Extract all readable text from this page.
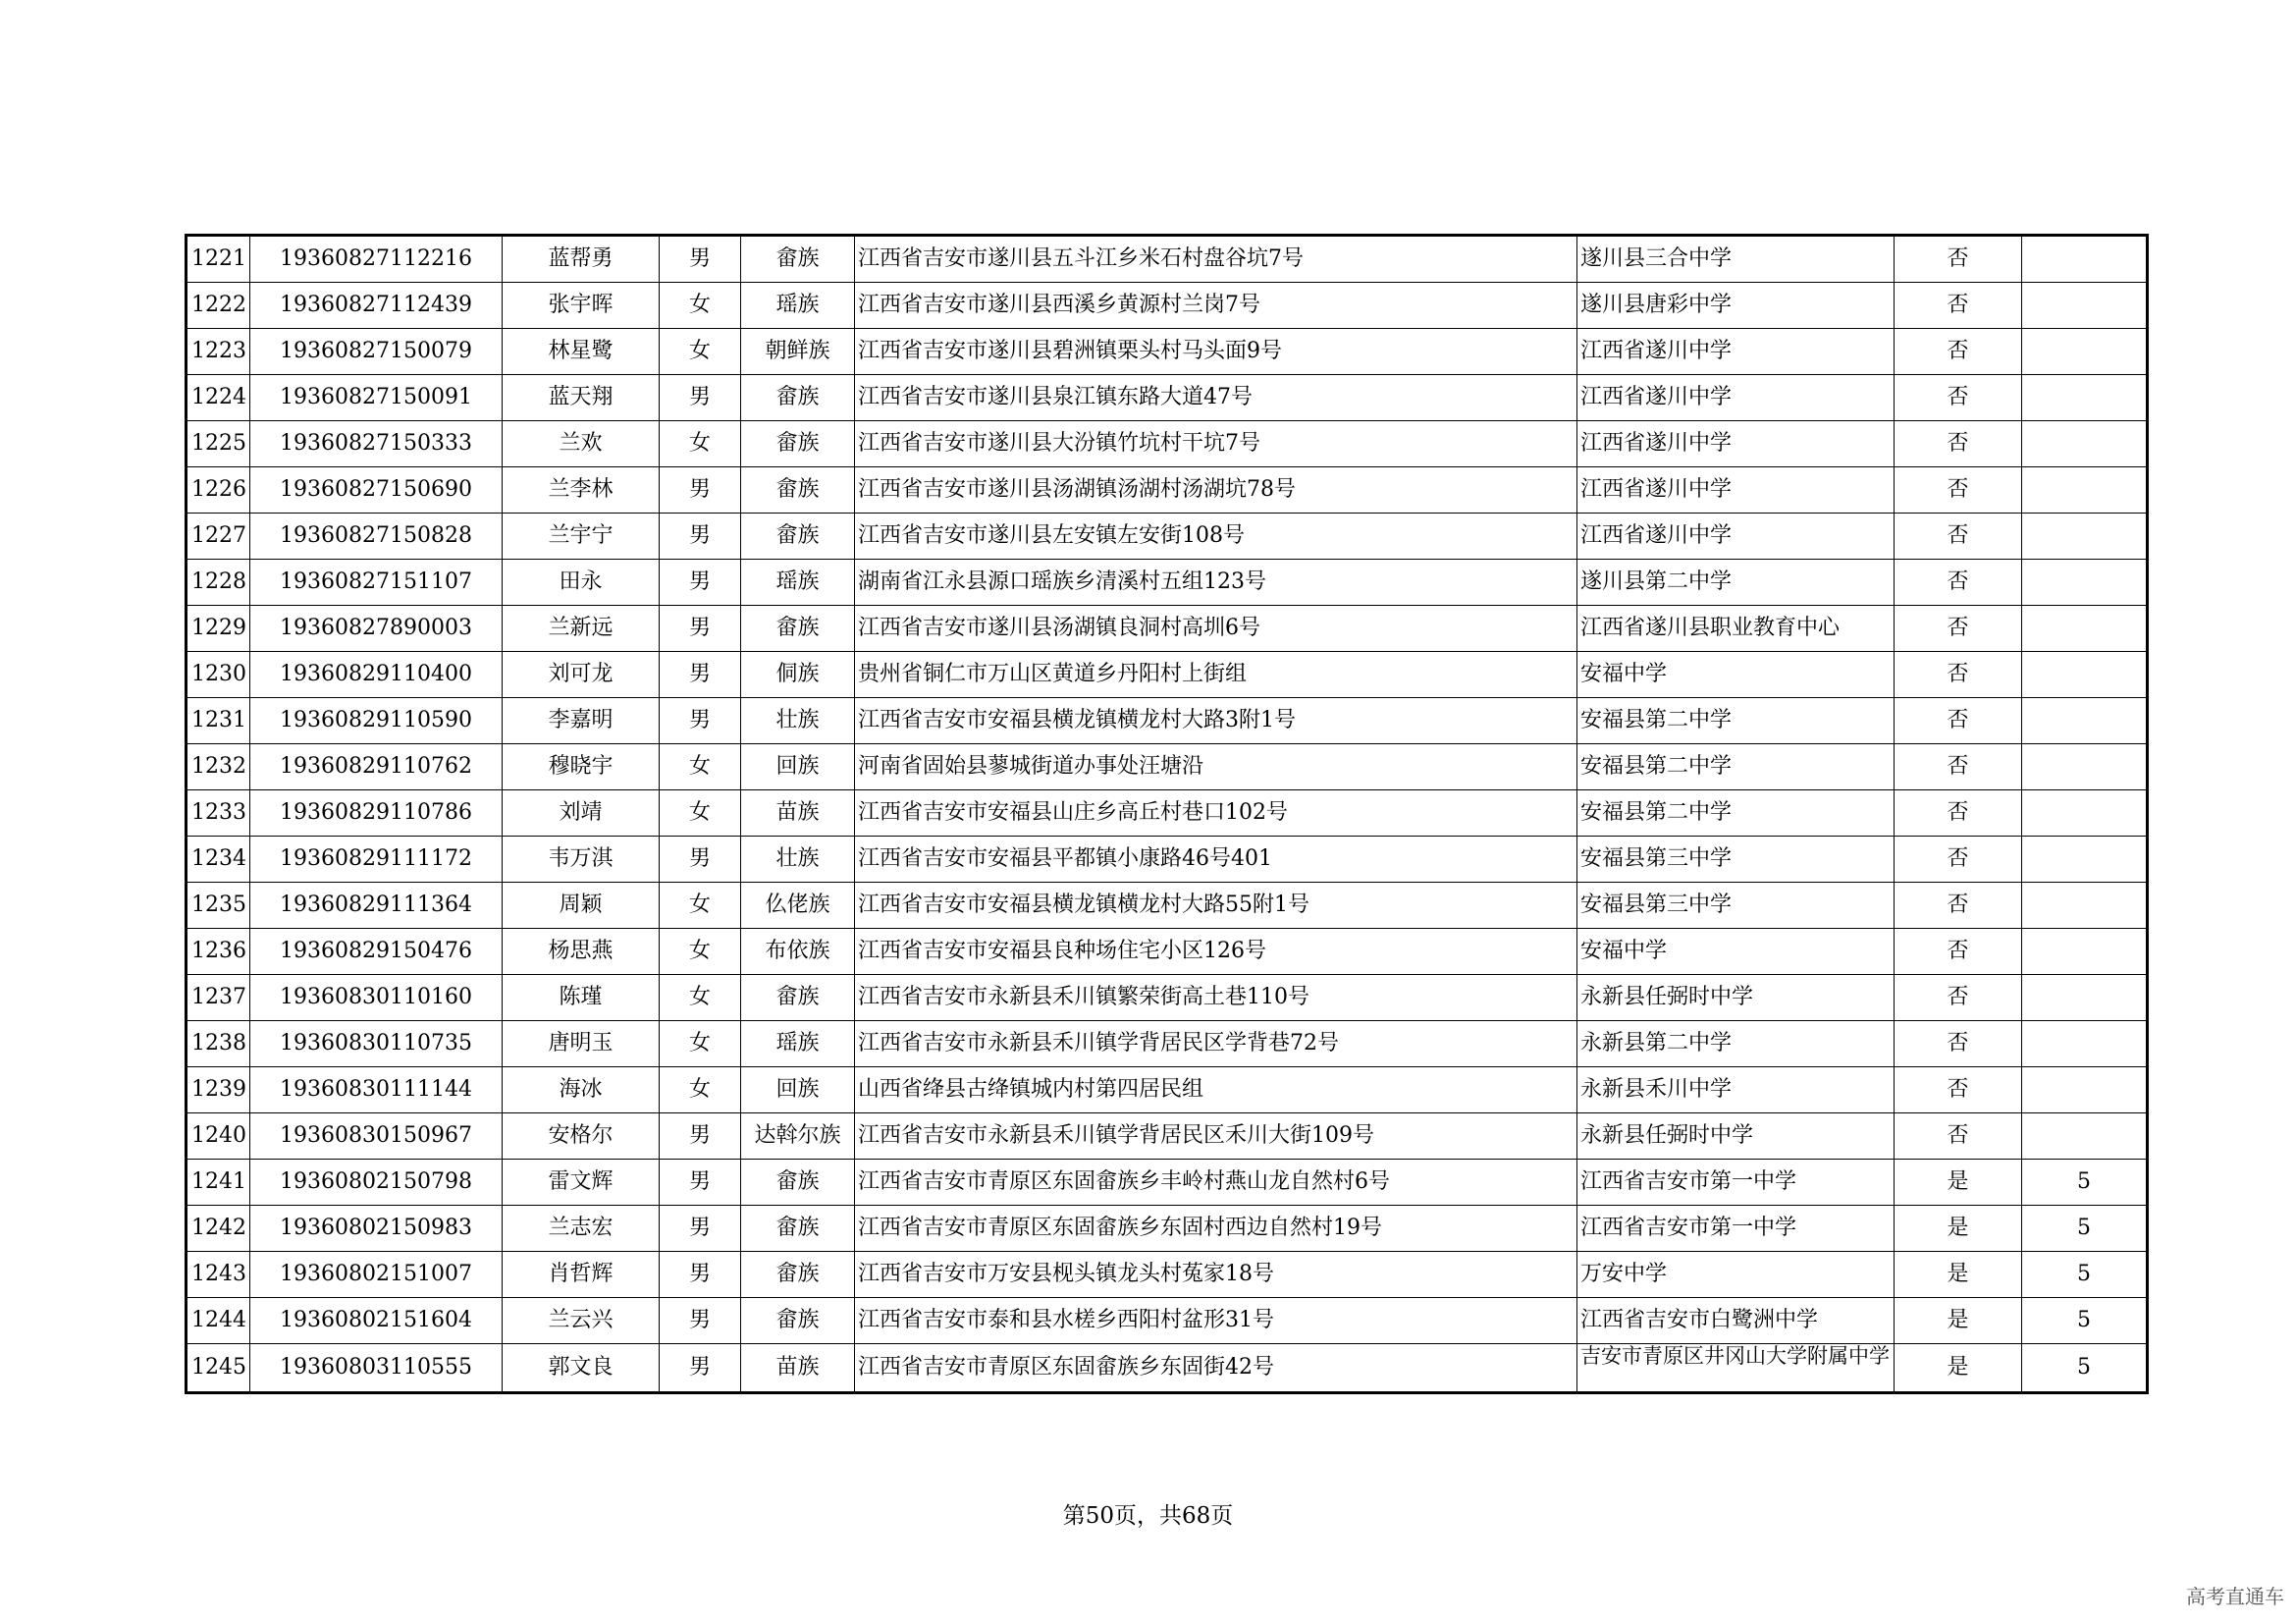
1221	19360827112216	蓝帮勇	男	畲族	江西省吉安市遂川县五斗江乡米石村盘谷坑7号	遂川县三合中学	否	
1222	19360827112439	张宇晖	女	瑶族	江西省吉安市遂川县西溪乡黄源村兰岗7号	遂川县唐彩中学	否	
1223	19360827150079	林星鹭	女	朝鲜族	江西省吉安市遂川县碧洲镇栗头村马头面9号	江西省遂川中学	否	
1224	19360827150091	蓝天翔	男	畲族	江西省吉安市遂川县泉江镇东路大道47号	江西省遂川中学	否	
1225	19360827150333	兰欢	女	畲族	江西省吉安市遂川县大汾镇竹坑村干坑7号	江西省遂川中学	否	
1226	19360827150690	兰李林	男	畲族	江西省吉安市遂川县汤湖镇汤湖村汤湖坑78号	江西省遂川中学	否	
1227	19360827150828	兰宇宁	男	畲族	江西省吉安市遂川县左安镇左安街108号	江西省遂川中学	否	
1228	19360827151107	田永	男	瑶族	湖南省江永县源口瑶族乡清溪村五组123号	遂川县第二中学	否	
1229	19360827890003	兰新远	男	畲族	江西省吉安市遂川县汤湖镇良洞村高圳6号	江西省遂川县职业教育中心	否	
1230	19360829110400	刘可龙	男	侗族	贵州省铜仁市万山区黄道乡丹阳村上街组	安福中学	否	
1231	19360829110590	李嘉明	男	壮族	江西省吉安市安福县横龙镇横龙村大路3附1号	安福县第二中学	否	
1232	19360829110762	穆晓宇	女	回族	河南省固始县蓼城街道办事处汪塘沿	安福县第二中学	否	
1233	19360829110786	刘靖	女	苗族	江西省吉安市安福县山庄乡高丘村巷口102号	安福县第二中学	否	
1234	19360829111172	韦万淇	男	壮族	江西省吉安市安福县平都镇小康路46号401	安福县第三中学	否	
1235	19360829111364	周颖	女	仫佬族	江西省吉安市安福县横龙镇横龙村大路55附1号	安福县第三中学	否	
1236	19360829150476	杨思燕	女	布依族	江西省吉安市安福县良种场住宅小区126号	安福中学	否	
1237	19360830110160	陈瑾	女	畲族	江西省吉安市永新县禾川镇繁荣街高土巷110号	永新县任弼时中学	否	
1238	19360830110735	唐明玉	女	瑶族	江西省吉安市永新县禾川镇学背居民区学背巷72号	永新县第二中学	否	
1239	19360830111144	海冰	女	回族	山西省绛县古绛镇城内村第四居民组	永新县禾川中学	否	
1240	19360830150967	安格尔	男	达斡尔族	江西省吉安市永新县禾川镇学背居民区禾川大街109号	永新县任弼时中学	否	
1241	19360802150798	雷文辉	男	畲族	江西省吉安市青原区东固畲族乡丰岭村燕山龙自然村6号	江西省吉安市第一中学	是	5
1242	19360802150983	兰志宏	男	畲族	江西省吉安市青原区东固畲族乡东固村西边自然村19号	江西省吉安市第一中学	是	5
1243	19360802151007	肖哲辉	男	畲族	江西省吉安市万安县枧头镇龙头村菟家18号	万安中学	是	5
1244	19360802151604	兰云兴	男	畲族	江西省吉安市泰和县水槎乡西阳村盆形31号	江西省吉安市白鹭洲中学	是	5
1245	19360803110555	郭文良	男	苗族	江西省吉安市青原区东固畲族乡东固街42号	吉安市青原区井冈山大学附属中学	是	5
第50页，共68页
高考直通车
